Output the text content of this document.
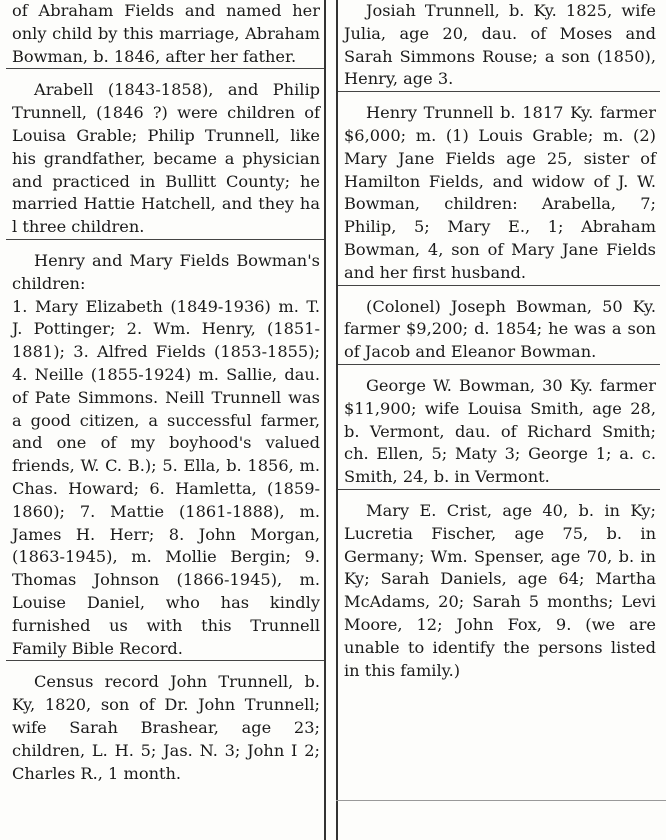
of Abraham Fields and named her only child by this marriage, Abraham Bowman, b. 1846, after her father.

Arabell (1843-1858), and Philip Trunnell, (1846 ?) were children of Louisa Grable; Philip Trunnell, like his grandfather, became a physician and practiced in Bullitt County; he married Hattie Hatchell, and they ha l three children.

Henry and Mary Fields Bowman's children:

1. Mary Elizabeth (1849-1936) m. T. J. Pottinger; 2. Wm. Henry, (1851-1881); 3. Alfred Fields (1853-1855); 4. Neille (1855-1924) m. Sallie, dau. of Pate Simmons. Neill Trunnell was a good citizen, a successful farmer, and one of my boyhood's valued friends, W. C. B.); 5. Ella, b. 1856, m. Chas. Howard; 6. Hamletta, (1859-1860); 7. Mattie (1861-1888), m. James H. Herr; 8. John Morgan, (1863-1945), m. Mollie Bergin; 9. Thomas Johnson (1866-1945), m. Louise Daniel, who has kindly furnished us with this Trunnell Family Bible Record.

Census record John Trunnell, b. Ky, 1820, son of Dr. John Trunnell; wife Sarah Brashear, age 23; children, L. H. 5; Jas. N. 3; John I 2; Charles R., 1 month.

Josiah Trunnell, b. Ky. 1825, wife Julia, age 20, dau. of Moses and Sarah Simmons Rouse; a son (1850), Henry, age 3.

Henry Trunnell b. 1817 Ky. farmer $6,000; m. (1) Louis Grable; m. (2) Mary Jane Fields age 25, sister of Hamilton Fields, and widow of J. W. Bowman, children: Arabella, 7; Philip, 5; Mary E., 1; Abraham Bowman, 4, son of Mary Jane Fields and her first husband.

(Colonel) Joseph Bowman, 50 Ky. farmer $9,200; d. 1854; he was a son of Jacob and Eleanor Bowman.

George W. Bowman, 30 Ky. farmer $11,900; wife Louisa Smith, age 28, b. Vermont, dau. of Richard Smith; ch. Ellen, 5; Maty 3; George 1; a. c. Smith, 24, b. in Vermont.

Mary E. Crist, age 40, b. in Ky; Lucretia Fischer, age 75, b. in Germany; Wm. Spenser, age 70, b. in Ky; Sarah Daniels, age 64; Martha McAdams, 20; Sarah 5 months; Levi Moore, 12; John Fox, 9. (we are unable to identify the persons listed in this family.)
